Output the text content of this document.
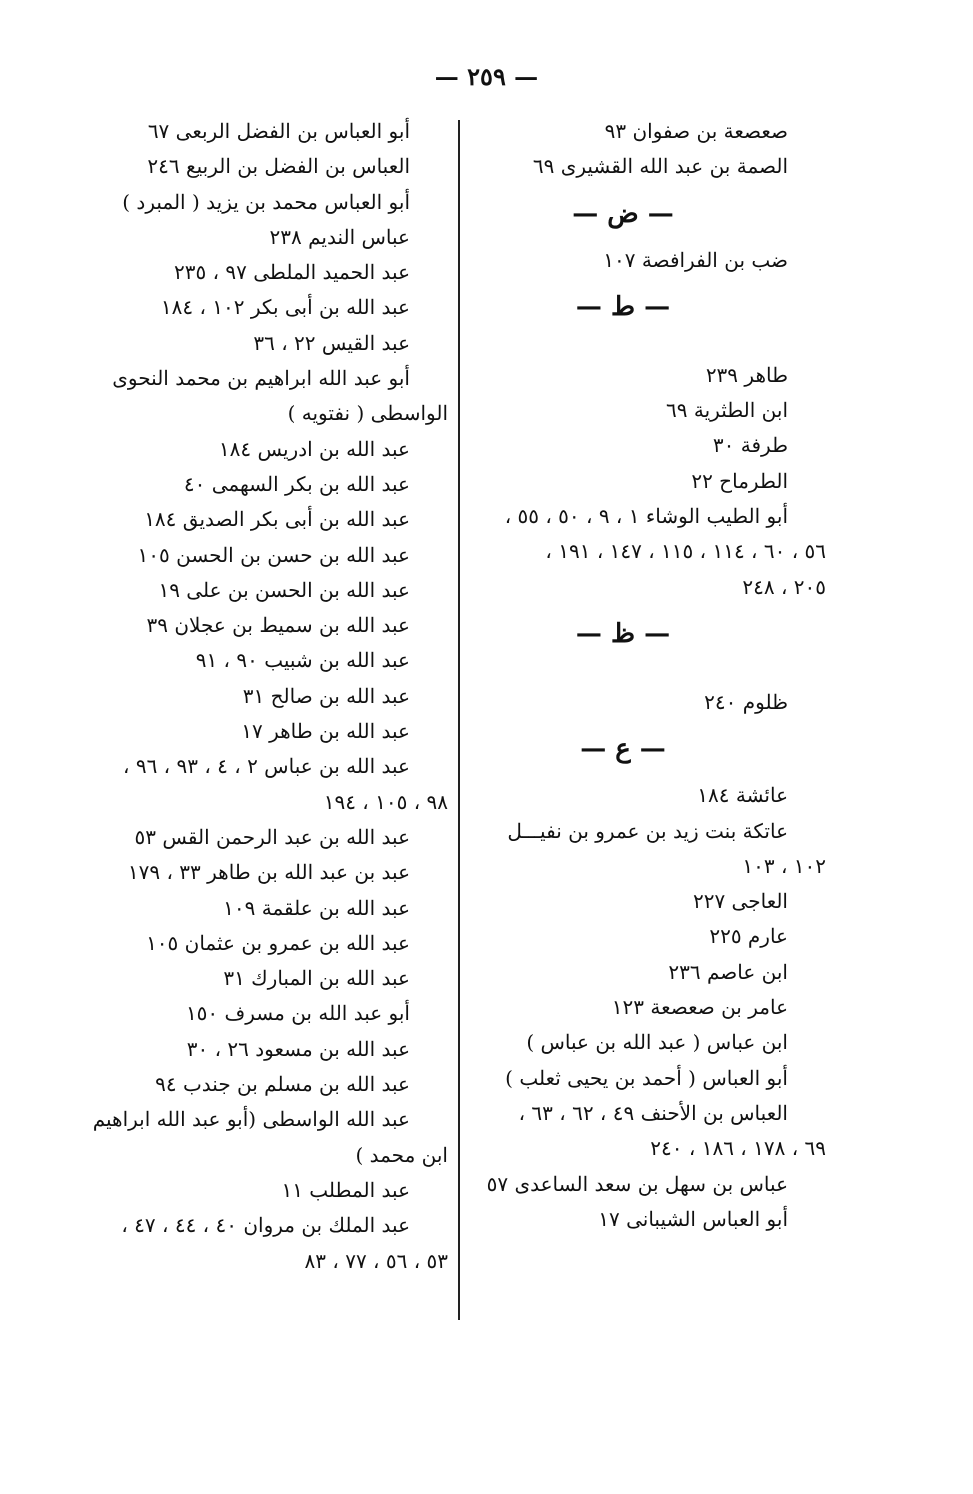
— ٢٥٩ —
صعصعة بن صفوان ٩٣
الصمة بن عبد الله القشيرى ٦٩
— ض —
ضب بن الفرافصة ١٠٧
— ط —
طاهر ٢٣٩
ابن الطثرية ٦٩
طرفة ٣٠
الطرماح ٢٢
أبو الطيب الوشاء ١ ، ٩ ، ٥٠ ، ٥٥ ،
٥٦ ، ٦٠ ، ١١٤ ، ١١٥ ، ١٤٧ ، ١٩١ ،
٢٠٥ ، ٢٤٨
— ظ —
ظلوم ٢٤٠
— ع —
عائشة ١٨٤
عاتكة بنت زيد بن عمرو بن نفيـــل
١٠٢ ، ١٠٣
العاجى ٢٢٧
عارم ٢٢٥
ابن عاصم ٢٣٦
عامر بن صعصعة ١٢٣
ابن عباس ( عبد الله بن عباس )
أبو العباس ( أحمد بن يحيى ثعلب )
العباس بن الأحنف ٤٩ ، ٦٢ ، ٦٣ ،
٦٩ ، ١٧٨ ، ١٨٦ ، ٢٤٠
عباس بن سهل بن سعد الساعدى ٥٧
أبو العباس الشيبانى ١٧
أبو العباس بن الفضل الربعى ٦٧
العباس بن الفضل بن الربيع ٢٤٦
أبو العباس محمد بن يزيد ( المبرد )
عباس النديم ٢٣٨
عبد الحميد الملطى ٩٧ ، ٢٣٥
عبد الله بن أبى بكر ١٠٢ ، ١٨٤
عبد القيس ٢٢ ، ٣٦
أبو عبد الله ابراهيم بن محمد النحوى
الواسطى ( نفتويه )
عبد الله بن ادريس ١٨٤
عبد الله بن بكر السهمى ٤٠
عبد الله بن أبى بكر الصديق ١٨٤
عبد الله بن حسن بن الحسن ١٠٥
عبد الله بن الحسن بن على ١٩
عبد الله بن سميط بن عجلان ٣٩
عبد الله بن شبيب ٩٠ ، ٩١
عبد الله بن صالح ٣١
عبد الله بن طاهر ١٧
عبد الله بن عباس ٢ ، ٤ ، ٩٣ ، ٩٦ ،
٩٨ ، ١٠٥ ، ١٩٤
عبد الله بن عبد الرحمن القس ٥٣
عبد بن عبد الله بن طاهر ٣٣ ، ١٧٩
عبد الله بن علقمة ١٠٩
عبد الله بن عمرو بن عثمان ١٠٥
عبد الله بن المبارك ٣١
أبو عبد الله بن مسرف ١٥٠
عبد الله بن مسعود ٢٦ ، ٣٠
عبد الله بن مسلم بن جندب ٩٤
عبد الله الواسطى (أبو عبد الله ابراهيم
ابن محمد )
عبد المطلب ١١
عبد الملك بن مروان ٤٠ ، ٤٤ ، ٤٧ ،
٥٣ ، ٥٦ ، ٧٧ ، ٨٣
